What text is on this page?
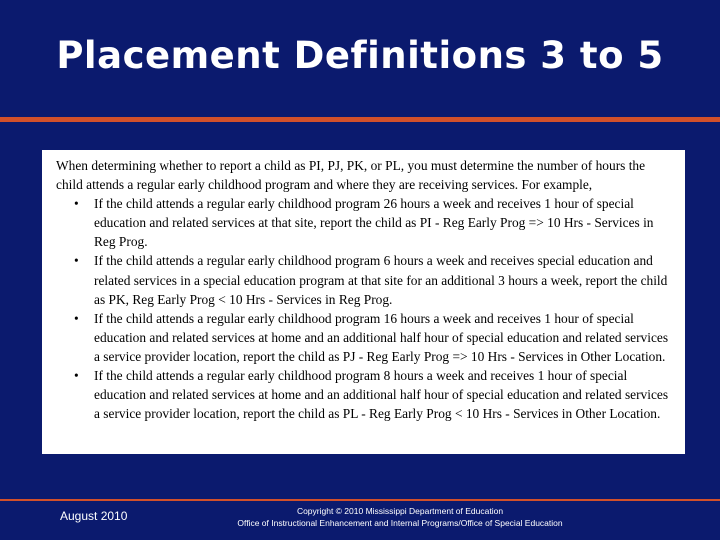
Placement Definitions 3 to 5

When determining whether to report a child as PI, PJ, PK, or PL, you must determine the number of hours the child attends a regular early childhood program and where they are receiving services. For example,

•	If the child attends a regular early childhood program 26 hours a week and receives 1 hour of special education and related services at that site, report the child as PI - Reg Early Prog => 10 Hrs - Services in Reg Prog.
•	If the child attends a regular early childhood program 6 hours a week and receives special education and related services in a special education program at that site for an additional 3 hours a week, report the child as PK, Reg Early Prog < 10 Hrs - Services in Reg Prog.
•	If the child attends a regular early childhood program 16 hours a week and receives 1 hour of special education and related services at home and an additional half hour of special education and related services a service provider location, report the child as PJ - Reg Early Prog => 10 Hrs - Services in Other Location.
•	If the child attends a regular early childhood program 8 hours a week and receives 1 hour of special education and related services at home and an additional half hour of special education and related services a service provider location, report the child as PL - Reg Early Prog < 10 Hrs - Services in Other Location.
August 2010	Copyright © 2010 Mississippi Department of Education
Office of Instructional Enhancement and Internal Programs/Office of Special Education
